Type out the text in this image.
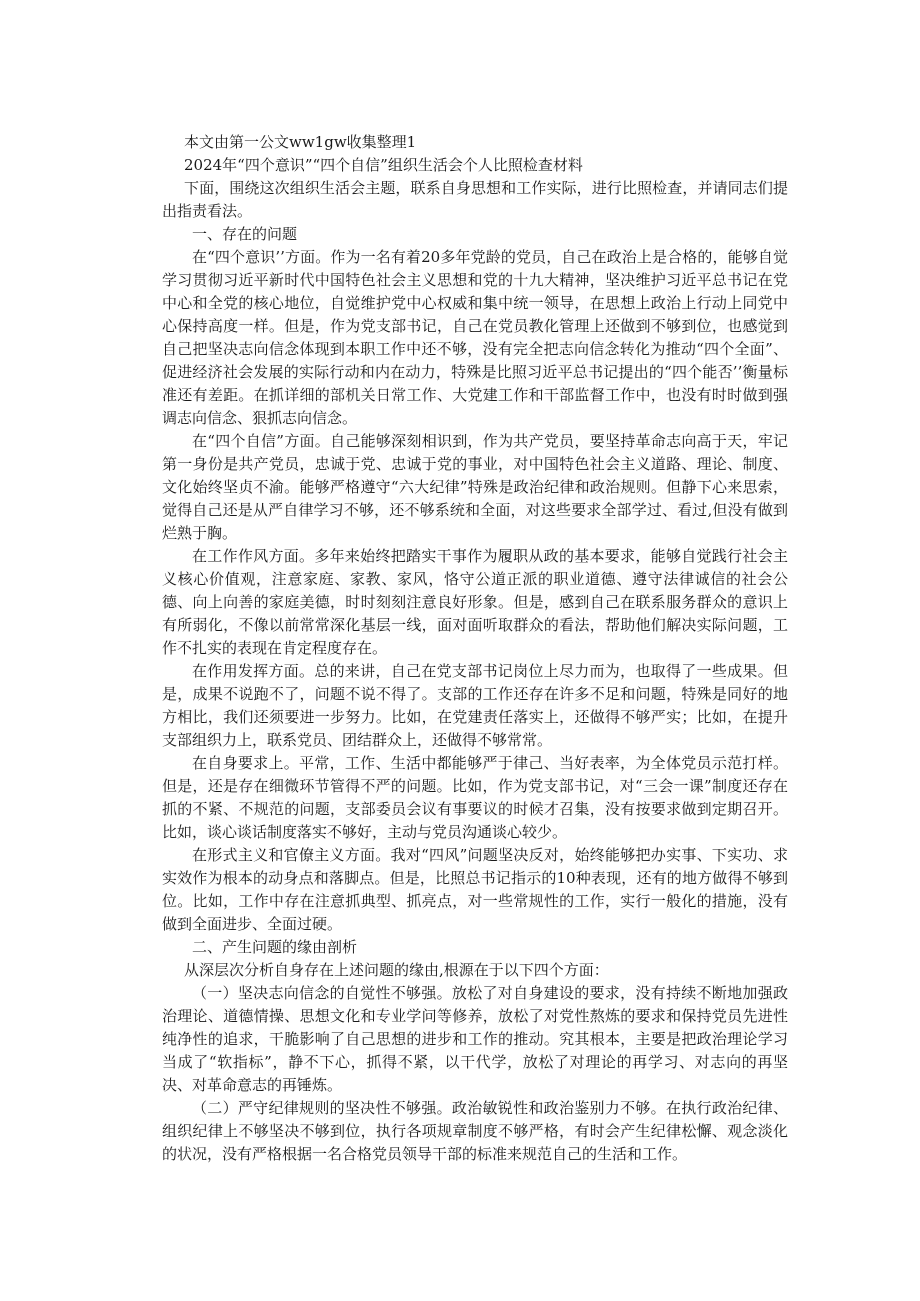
本文由第一公文ww1gw收集整理1

2024年“四个意识”“四个自信”组织生活会个人比照检查材料

下面，围绕这次组织生活会主题，联系自身思想和工作实际，进行比照检查，并请同志们提出指责看法。

一、存在的问题

在“四个意识’’方面。作为一名有着20多年党龄的党员，自己在政治上是合格的，能够自觉学习贯彻习近平新时代中国特色社会主义思想和党的十九大精神，坚决维护习近平总书记在党中心和全党的核心地位，自觉维护党中心权威和集中统一领导，在思想上政治上行动上同党中心保持高度一样。但是，作为党支部书记，自己在党员教化管理上还做到不够到位，也感觉到自己把坚决志向信念体现到本职工作中还不够，没有完全把志向信念转化为推动“四个全面”、促进经济社会发展的实际行动和内在动力，特殊是比照习近平总书记提出的“四个能否’’衡量标准还有差距。在抓详细的部机关日常工作、大党建工作和干部监督工作中，也没有时时做到强调志向信念、狠抓志向信念。

在“四个自信”方面。自己能够深刻相识到，作为共产党员，要坚持革命志向高于天，牢记第一身份是共产党员，忠诚于党、忠诚于党的事业，对中国特色社会主义道路、理论、制度、文化始终坚贞不渝。能够严格遵守“六大纪律”特殊是政治纪律和政治规则。但静下心来思索，觉得自己还是从严自律学习不够，还不够系统和全面，对这些要求全部学过、看过,但没有做到烂熟于胸。

在工作作风方面。多年来始终把踏实干事作为履职从政的基本要求，能够自觉践行社会主义核心价值观，注意家庭、家教、家风，恪守公道正派的职业道德、遵守法律诚信的社会公德、向上向善的家庭美德，时时刻刻注意良好形象。但是，感到自己在联系服务群众的意识上有所弱化，不像以前常常深化基层一线，面对面听取群众的看法，帮助他们解决实际问题，工作不扎实的表现在肯定程度存在。

在作用发挥方面。总的来讲，自己在党支部书记岗位上尽力而为，也取得了一些成果。但是，成果不说跑不了，问题不说不得了。支部的工作还存在许多不足和问题，特殊是同好的地方相比，我们还须要进一步努力。比如，在党建责任落实上，还做得不够严实；比如，在提升支部组织力上，联系党员、团结群众上，还做得不够常常。

在自身要求上。平常，工作、生活中都能够严于律己、当好表率，为全体党员示范打样。但是，还是存在细微环节管得不严的问题。比如，作为党支部书记，对“三会一课”制度还存在抓的不紧、不规范的问题，支部委员会议有事要议的时候才召集，没有按要求做到定期召开。比如，谈心谈话制度落实不够好，主动与党员沟通谈心较少。

在形式主义和官僚主义方面。我对“四风”问题坚决反对，始终能够把办实事、下实功、求实效作为根本的动身点和落脚点。但是，比照总书记指示的10种表现，还有的地方做得不够到位。比如，工作中存在注意抓典型、抓亮点，对一些常规性的工作，实行一般化的措施，没有做到全面进步、全面过硬。

二、产生问题的缘由剖析

从深层次分析自身存在上述问题的缘由,根源在于以下四个方面：

（一）坚决志向信念的自觉性不够强。放松了对自身建设的要求，没有持续不断地加强政治理论、道德情操、思想文化和专业学问等修养，放松了对党性熬炼的要求和保持党员先进性纯净性的追求，干脆影响了自己思想的进步和工作的推动。究其根本，主要是把政治理论学习当成了“软指标”，静不下心，抓得不紧，以干代学，放松了对理论的再学习、对志向的再坚决、对革命意志的再锤炼。

（二）严守纪律规则的坚决性不够强。政治敏锐性和政治鉴别力不够。在执行政治纪律、组织纪律上不够坚决不够到位，执行各项规章制度不够严格，有时会产生纪律松懈、观念淡化的状况，没有严格根据一名合格党员领导干部的标准来规范自己的生活和工作。
